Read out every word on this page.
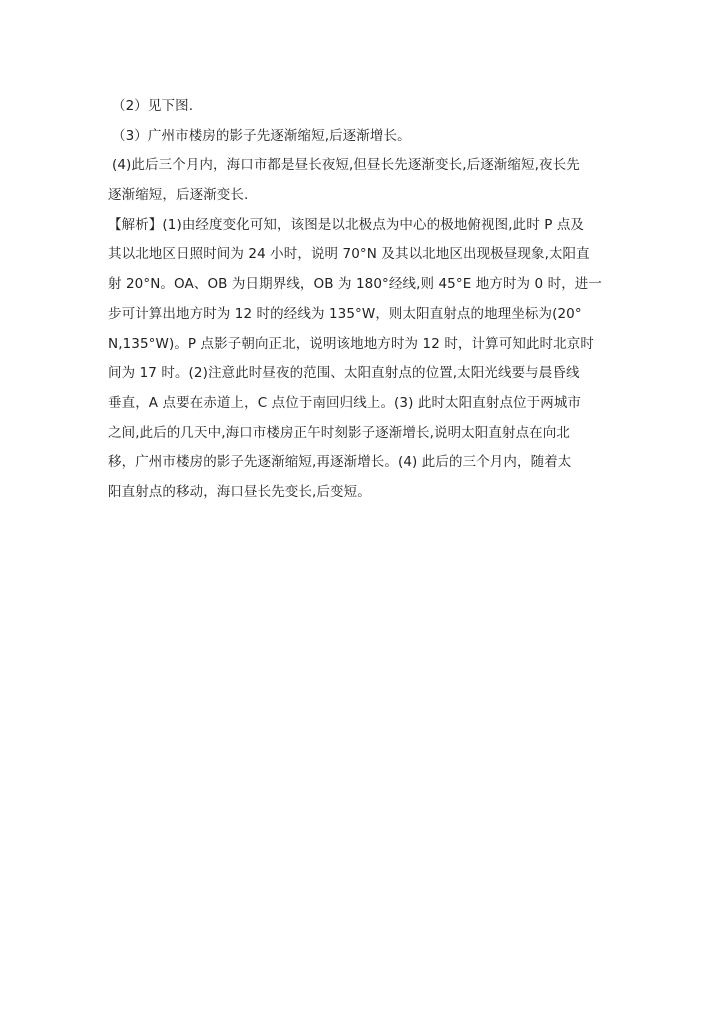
（2）见下图.
（3）广州市楼房的影子先逐渐缩短,后逐渐增长。
(4)此后三个月内，海口市都是昼长夜短,但昼长先逐渐变长,后逐渐缩短,夜长先
逐渐缩短，后逐渐变长.
【解析】(1)由经度变化可知，该图是以北极点为中心的极地俯视图,此时 P 点及
其以北地区日照时间为 24 小时，说明 70°N 及其以北地区出现极昼现象,太阳直
射 20°N。OA、OB 为日期界线，OB 为 180°经线,则 45°E 地方时为 0 时，进一
步可计算出地方时为 12 时的经线为 135°W，则太阳直射点的地理坐标为(20°
N,135°W)。P 点影子朝向正北，说明该地地方时为 12 时，计算可知此时北京时
间为 17 时。(2)注意此时昼夜的范围、太阳直射点的位置,太阳光线要与晨昏线
垂直，A 点要在赤道上，C 点位于南回归线上。(3) 此时太阳直射点位于两城市
之间,此后的几天中,海口市楼房正午时刻影子逐渐增长,说明太阳直射点在向北
移，广州市楼房的影子先逐渐缩短,再逐渐增长。(4) 此后的三个月内，随着太
阳直射点的移动，海口昼长先变长,后变短。
